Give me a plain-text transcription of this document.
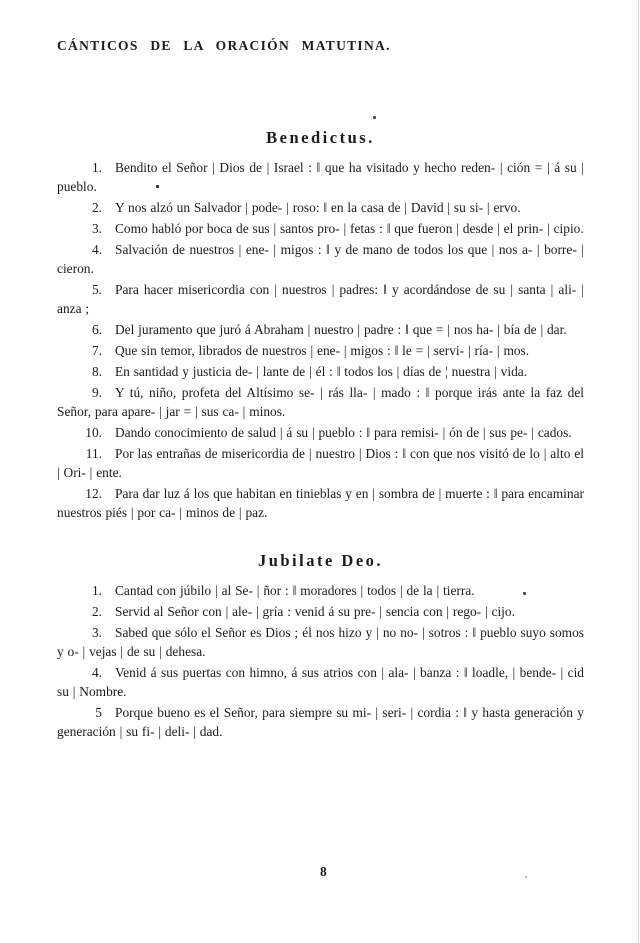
CÁNTICOS DE LA ORACIÓN MATUTINA.
Benedictus.

1. Bendito el Señor | Dios de | Israel : ‖ que ha visitado y hecho reden- | ción = | á su | pueblo.

2. Y nos alzó un Salvador | pode- | roso: ‖ en la casa de | David | su si- | ervo.

3. Como habló por boca de sus | santos pro- | fetas : ‖ que fueron | desde | el prin- | cipio.

4. Salvación de nuestros | ene- | migos : ‖ y de mano de todos los que | nos a- | borre- | cieron.

5. Para hacer misericordia con | nuestros | padres: ‖ y acordándose de su | santa | ali- | anza ;

6. Del juramento que juró á Abraham | nuestro | padre : ‖ que = | nos ha- | bía de | dar.

7. Que sin temor, librados de nuestros | ene- | migos : ‖ le = | servi- | ría- | mos.

8. En santidad y justicia de- | lante de | él : ‖ todos los | días de ¦ nuestra | vida.

9. Y tú, niño, profeta del Altísimo se- | rás lla- | mado : ‖ porque irás ante la faz del Señor, para apare- | jar = | sus ca- | minos.

10. Dando conocimiento de salud | á su | pueblo : ‖ para remisi- | ón de | sus pe- | cados.

11. Por las entrañas de misericordia de | nuestro | Dios : ‖ con que nos visitó de lo | alto el | Ori- | ente.

12. Para dar luz á los que habitan en tinieblas y en | sombra de | muerte : ‖ para encaminar nuestros piés | por ca- | minos de | paz.

Jubilate Deo.

1. Cantad con júbilo | al Se- | ñor : ‖ moradores | todos | de la | tierra.

2. Servid al Señor con | ale- | gría : venid á su pre- | sencia con | rego- | cijo.

3. Sabed que sólo el Señor es Dios ; él nos hizo y | no no- | sotros : ‖ pueblo suyo somos y o- | vejas | de su | dehesa.

4. Venid á sus puertas con himno, á sus atrios con | ala- | banza : ‖ loadle, | bende- | cid su | Nombre.

5 Porque bueno es el Señor, para siempre su mi- | seri- | cordia : ‖ y hasta generación y generación | su fi- | deli- | dad.

8
